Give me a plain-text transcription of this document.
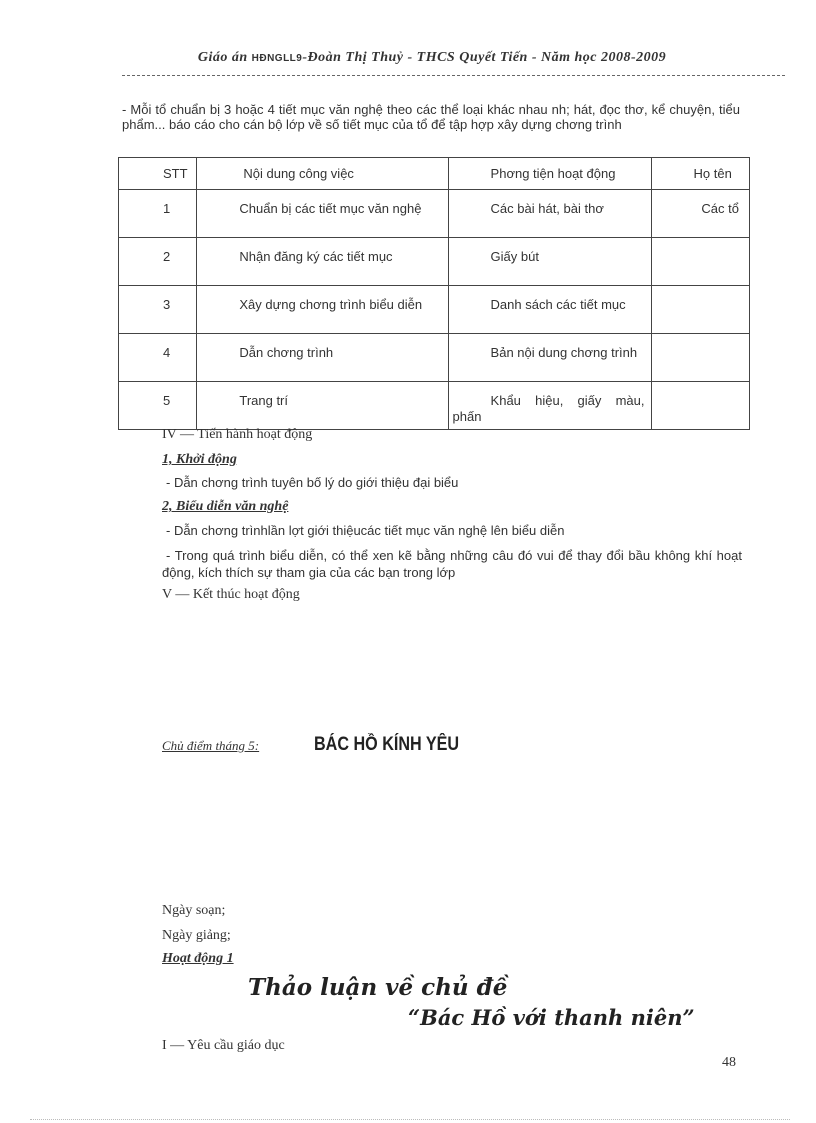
Giáo án HĐNGLL9-Đoàn Thị Thuỷ - THCS Quyết Tiến - Năm học 2008-2009
- Mỗi tổ chuẩn bị 3 hoặc 4 tiết mục văn nghệ theo các thể loại khác nhau nh; hát, đọc thơ, kể chuyện, tiểu phẩm... báo cáo cho cán bộ lớp về số tiết mục của tổ để tập hợp xây dựng chơng trình
STT	Nội dung công việc	Phơng tiện hoạt động	Họ tên

1	Chuẩn bị các tiết mục văn nghệ	Các bài hát, bài thơ	Các tổ

2	Nhận đăng ký các tiết mục	Giấy bút	

3	Xây dựng chơng trình biểu diễn	Danh sách các tiết mục	

4	Dẫn chơng trình	Bản nội dung chơng trình	

5	Trang trí	Khẩu hiệu, giấy màu, phấn	

IV — Tiến hành hoạt động
1, Khởi động
- Dẫn chơng trình tuyên bố lý do giới thiệu đại biểu
2, Biểu diễn văn nghệ
- Dẫn chơng trìnhlần lợt giới thiệucác tiết mục văn nghệ lên biểu diễn
- Trong quá trình biểu diễn, có thể xen kẽ bằng những câu đó vui để thay đổi bầu không khí hoạt động, kích thích sự tham gia của các bạn trong lớp
V — Kết thúc hoạt động
Chủ điểm tháng 5:	BÁC HỒ KÍNH YÊU
Ngày soạn;
Ngày giảng;
Hoạt động 1
Thảo luận về chủ đề
“Bác Hồ với thanh niên”
I — Yêu cầu giáo dục
48
